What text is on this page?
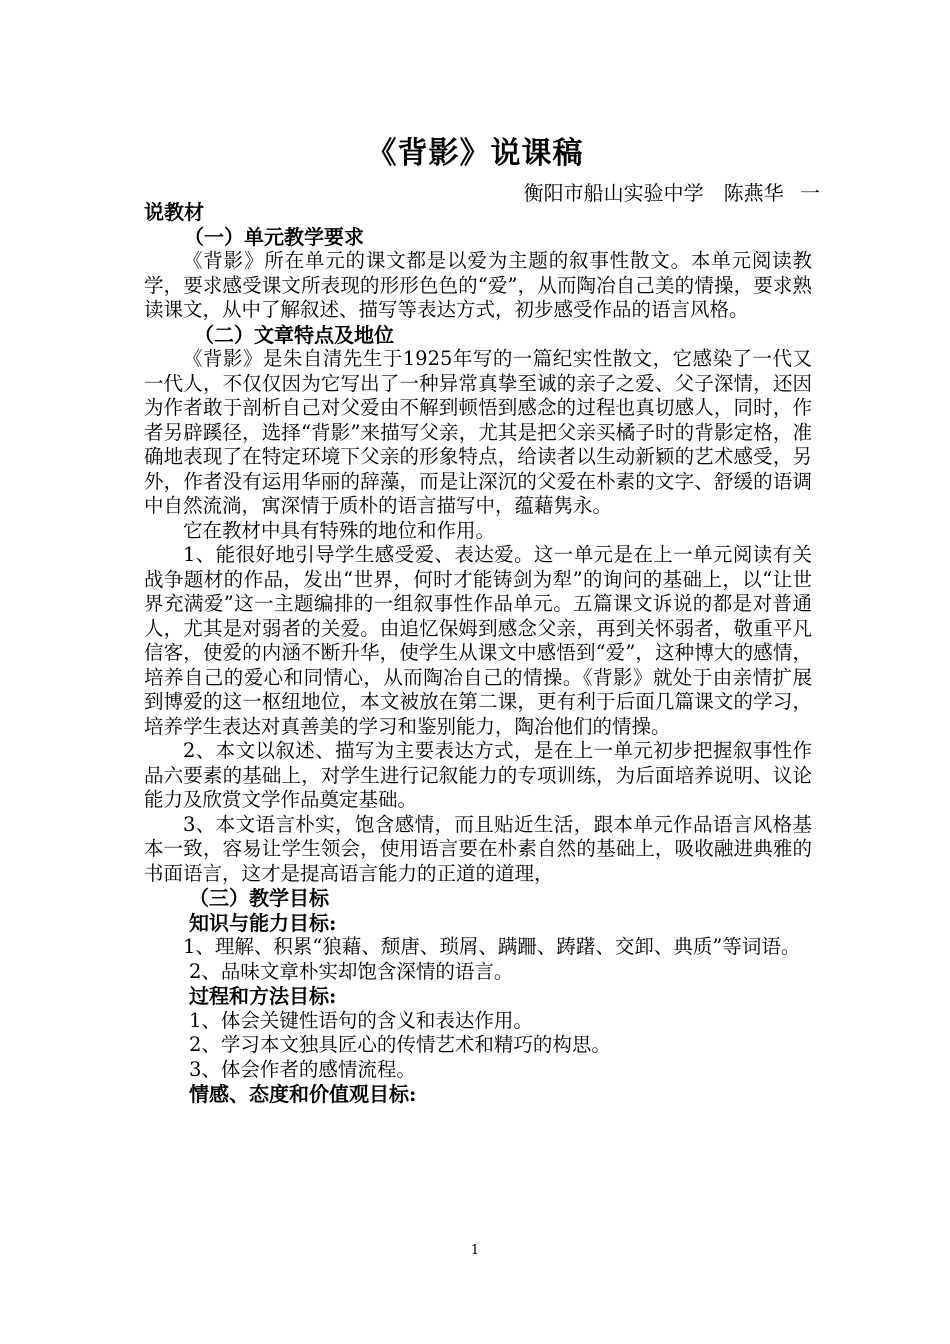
《背影》说课稿
衡阳市船山实验中学　陈燕华 一

说教材

（一）单元教学要求

《背影》所在单元的课文都是以爱为主题的叙事性散文。本单元阅读教学，要求感受课文所表现的形形色色的“爱”，从而陶冶自己美的情操，要求熟读课文，从中了解叙述、描写等表达方式，初步感受作品的语言风格。

（二）文章特点及地位

《背影》是朱自清先生于1925年写的一篇纪实性散文，它感染了一代又一代人，不仅仅因为它写出了一种异常真挚至诚的亲子之爱、父子深情，还因为作者敢于剖析自己对父爱由不解到顿悟到感念的过程也真切感人，同时，作者另辟蹊径，选择“背影”来描写父亲，尤其是把父亲买橘子时的背影定格，准确地表现了在特定环境下父亲的形象特点，给读者以生动新颖的艺术感受，另外，作者没有运用华丽的辞藻，而是让深沉的父爱在朴素的文字、舒缓的语调中自然流淌，寓深情于质朴的语言描写中，蕴藉隽永。

它在教材中具有特殊的地位和作用。

1、能很好地引导学生感受爱、表达爱。这一单元是在上一单元阅读有关战争题材的作品，发出“世界，何时才能铸剑为犁”的询问的基础上，以“让世界充满爱”这一主题编排的一组叙事性作品单元。五篇课文诉说的都是对普通人，尤其是对弱者的关爱。由追忆保姆到感念父亲，再到关怀弱者，敬重平凡信客，使爱的内涵不断升华，使学生从课文中感悟到“爱”，这种博大的感情，培养自己的爱心和同情心，从而陶冶自己的情操。《背影》就处于由亲情扩展到博爱的这一枢纽地位，本文被放在第二课，更有利于后面几篇课文的学习，培养学生表达对真善美的学习和鉴别能力，陶冶他们的情操。

2、本文以叙述、描写为主要表达方式，是在上一单元初步把握叙事性作品六要素的基础上，对学生进行记叙能力的专项训练，为后面培养说明、议论能力及欣赏文学作品奠定基础。

3、本文语言朴实，饱含感情，而且贴近生活，跟本单元作品语言风格基本一致，容易让学生领会，使用语言要在朴素自然的基础上，吸收融进典雅的书面语言，这才是提高语言能力的正道的道理，

（三）教学目标

知识与能力目标:

1、理解、积累“狼藉、颓唐、琐屑、蹒跚、踌躇、交卸、典质”等词语。

2、品味文章朴实却饱含深情的语言。

过程和方法目标:

1、体会关键性语句的含义和表达作用。

2、学习本文独具匠心的传情艺术和精巧的构思。

3、体会作者的感情流程。

情感、态度和价值观目标:

1
